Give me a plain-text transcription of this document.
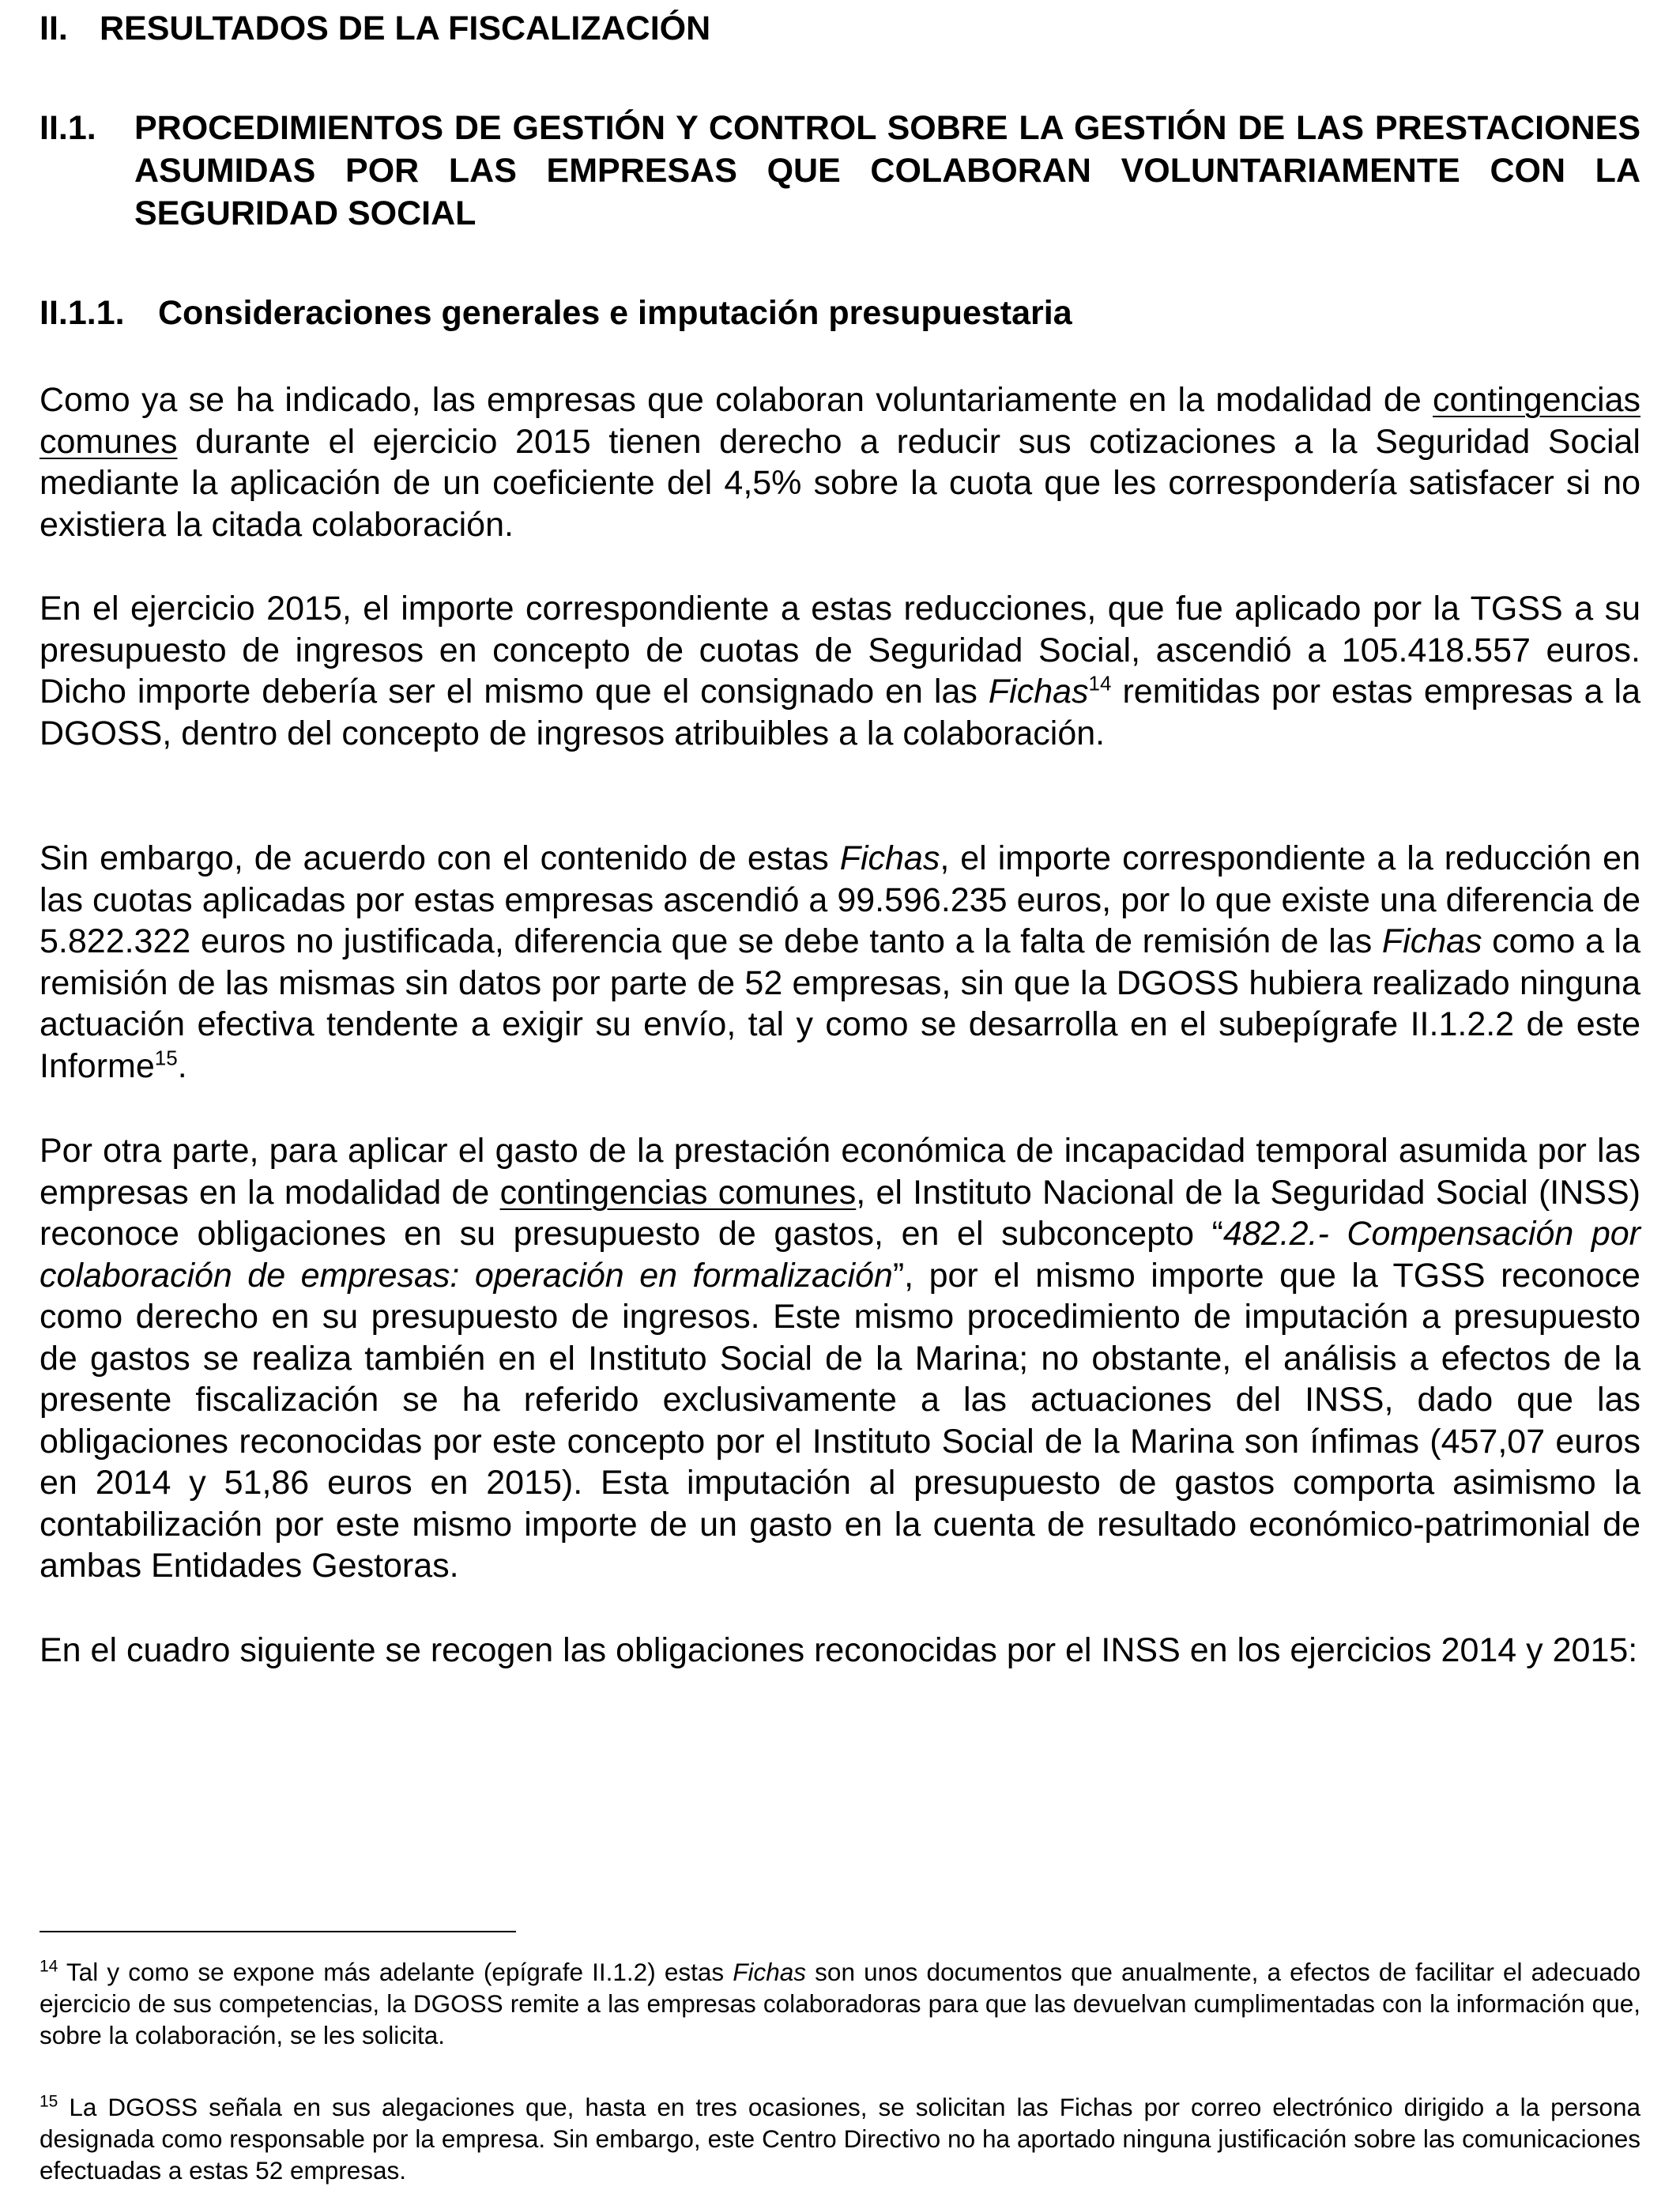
II. RESULTADOS DE LA FISCALIZACIÓN
II.1. PROCEDIMIENTOS DE GESTIÓN Y CONTROL SOBRE LA GESTIÓN DE LAS PRESTACIONES ASUMIDAS POR LAS EMPRESAS QUE COLABORAN VOLUNTARIAMENTE CON LA SEGURIDAD SOCIAL
II.1.1. Consideraciones generales e imputación presupuestaria
Como ya se ha indicado, las empresas que colaboran voluntariamente en la modalidad de contingencias comunes durante el ejercicio 2015 tienen derecho a reducir sus cotizaciones a la Seguridad Social mediante la aplicación de un coeficiente del 4,5% sobre la cuota que les correspondería satisfacer si no existiera la citada colaboración.
En el ejercicio 2015, el importe correspondiente a estas reducciones, que fue aplicado por la TGSS a su presupuesto de ingresos en concepto de cuotas de Seguridad Social, ascendió a 105.418.557 euros. Dicho importe debería ser el mismo que el consignado en las Fichas$^{14}$ remitidas por estas empresas a la DGOSS, dentro del concepto de ingresos atribuibles a la colaboración.
Sin embargo, de acuerdo con el contenido de estas Fichas, el importe correspondiente a la reducción en las cuotas aplicadas por estas empresas ascendió a 99.596.235 euros, por lo que existe una diferencia de 5.822.322 euros no justificada, diferencia que se debe tanto a la falta de remisión de las Fichas como a la remisión de las mismas sin datos por parte de 52 empresas, sin que la DGOSS hubiera realizado ninguna actuación efectiva tendente a exigir su envío, tal y como se desarrolla en el subepígrafe II.1.2.2 de este Informe$^{15}$.
Por otra parte, para aplicar el gasto de la prestación económica de incapacidad temporal asumida por las empresas en la modalidad de contingencias comunes, el Instituto Nacional de la Seguridad Social (INSS) reconoce obligaciones en su presupuesto de gastos, en el subconcepto “482.2.- Compensación por colaboración de empresas: operación en formalización”, por el mismo importe que la TGSS reconoce como derecho en su presupuesto de ingresos. Este mismo procedimiento de imputación a presupuesto de gastos se realiza también en el Instituto Social de la Marina; no obstante, el análisis a efectos de la presente fiscalización se ha referido exclusivamente a las actuaciones del INSS, dado que las obligaciones reconocidas por este concepto por el Instituto Social de la Marina son ínfimas (457,07 euros en 2014 y 51,86 euros en 2015). Esta imputación al presupuesto de gastos comporta asimismo la contabilización por este mismo importe de un gasto en la cuenta de resultado económico-patrimonial de ambas Entidades Gestoras.
En el cuadro siguiente se recogen las obligaciones reconocidas por el INSS en los ejercicios 2014 y 2015:
$^{14}$ Tal y como se expone más adelante (epígrafe II.1.2) estas Fichas son unos documentos que anualmente, a efectos de facilitar el adecuado ejercicio de sus competencias, la DGOSS remite a las empresas colaboradoras para que las devuelvan cumplimentadas con la información que, sobre la colaboración, se les solicita.
$^{15}$ La DGOSS señala en sus alegaciones que, hasta en tres ocasiones, se solicitan las Fichas por correo electrónico dirigido a la persona designada como responsable por la empresa. Sin embargo, este Centro Directivo no ha aportado ninguna justificación sobre las comunicaciones efectuadas a estas 52 empresas.
